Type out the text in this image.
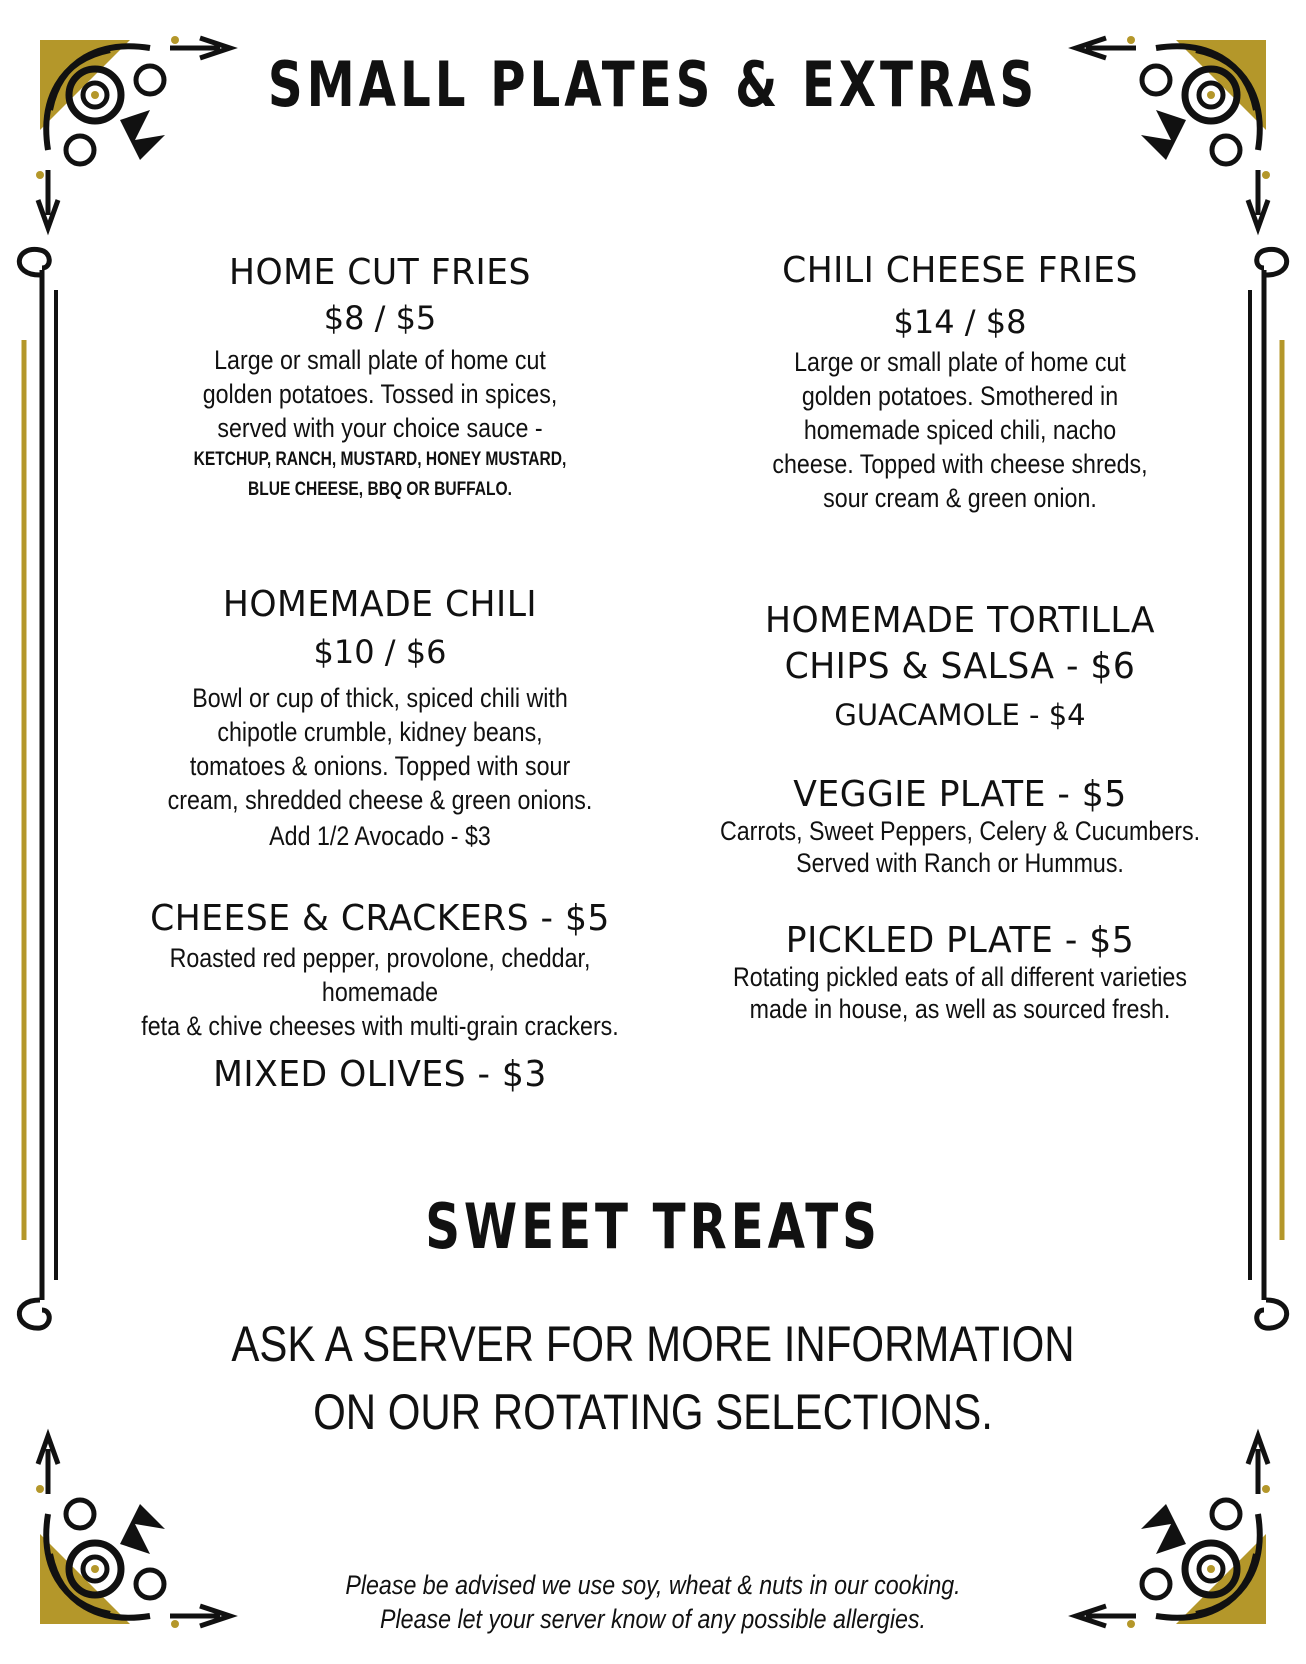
SMALL PLATES & EXTRAS
HOME CUT FRIES
$8 / $5
Large or small plate of home cut
golden potatoes. Tossed in spices,
served with your choice sauce -
KETCHUP, RANCH, MUSTARD, HONEY MUSTARD,
BLUE CHEESE, BBQ OR BUFFALO.
HOMEMADE CHILI
$10 / $6
Bowl or cup of thick, spiced chili with
chipotle crumble, kidney beans,
tomatoes & onions. Topped with sour
cream, shredded cheese & green onions.
Add 1/2 Avocado - $3
CHEESE & CRACKERS - $5
Roasted red pepper, provolone, cheddar, homemade
feta & chive cheeses with multi-grain crackers.
MIXED OLIVES - $3
CHILI CHEESE FRIES
$14 / $8
Large or small plate of home cut
golden potatoes. Smothered in
homemade spiced chili, nacho
cheese. Topped with cheese shreds,
sour cream & green onion.
HOMEMADE TORTILLA
CHIPS & SALSA - $6
GUACAMOLE - $4
VEGGIE PLATE - $5
Carrots, Sweet Peppers, Celery & Cucumbers.
Served with Ranch or Hummus.
PICKLED PLATE - $5
Rotating pickled eats of all different varieties
made in house, as well as sourced fresh.
SWEET TREATS
ASK A SERVER FOR MORE INFORMATION
ON OUR ROTATING SELECTIONS.
Please be advised we use soy, wheat & nuts in our cooking.
Please let your server know of any possible allergies.
